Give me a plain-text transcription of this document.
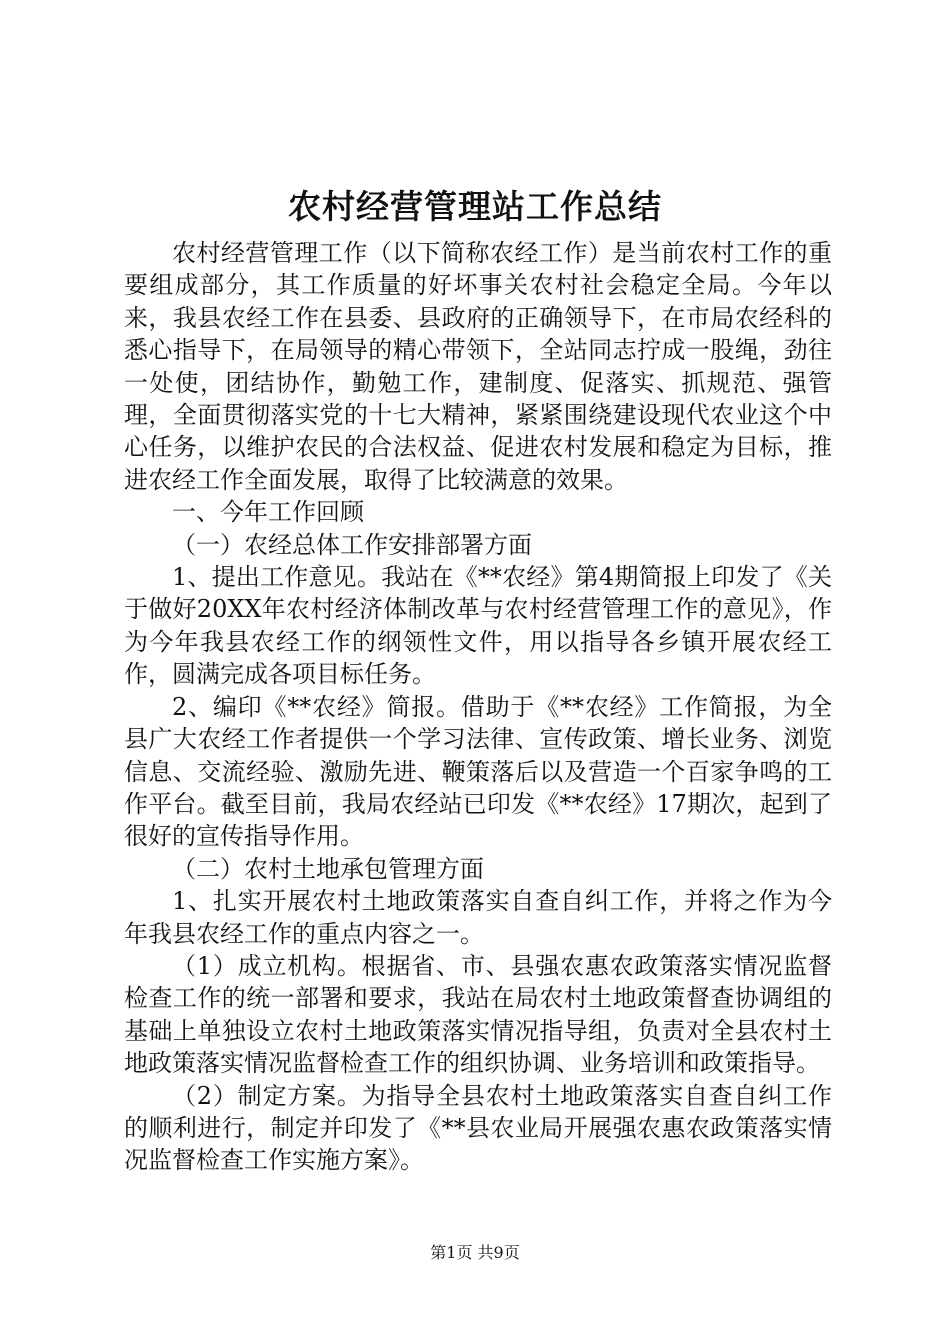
农村经营管理站工作总结

农村经营管理工作（以下简称农经工作）是当前农村工作的重要组成部分，其工作质量的好坏事关农村社会稳定全局。今年以来，我县农经工作在县委、县政府的正确领导下，在市局农经科的悉心指导下，在局领导的精心带领下，全站同志拧成一股绳，劲往一处使，团结协作，勤勉工作，建制度、促落实、抓规范、强管理，全面贯彻落实党的十七大精神，紧紧围绕建设现代农业这个中心任务，以维护农民的合法权益、促进农村发展和稳定为目标，推进农经工作全面发展，取得了比较满意的效果。

一、今年工作回顾

（一）农经总体工作安排部署方面

1、提出工作意见。我站在《**农经》第4期简报上印发了《关于做好20XX年农村经济体制改革与农村经营管理工作的意见》，作为今年我县农经工作的纲领性文件，用以指导各乡镇开展农经工作，圆满完成各项目标任务。

2、编印《**农经》简报。借助于《**农经》工作简报，为全县广大农经工作者提供一个学习法律、宣传政策、增长业务、浏览信息、交流经验、激励先进、鞭策落后以及营造一个百家争鸣的工作平台。截至目前，我局农经站已印发《**农经》17期次，起到了很好的宣传指导作用。

（二）农村土地承包管理方面

1、扎实开展农村土地政策落实自查自纠工作，并将之作为今年我县农经工作的重点内容之一。

（1）成立机构。根据省、市、县强农惠农政策落实情况监督检查工作的统一部署和要求，我站在局农村土地政策督查协调组的基础上单独设立农村土地政策落实情况指导组，负责对全县农村土地政策落实情况监督检查工作的组织协调、业务培训和政策指导。

（2）制定方案。为指导全县农村土地政策落实自查自纠工作的顺利进行，制定并印发了《**县农业局开展强农惠农政策落实情况监督检查工作实施方案》。

第1页 共9页
